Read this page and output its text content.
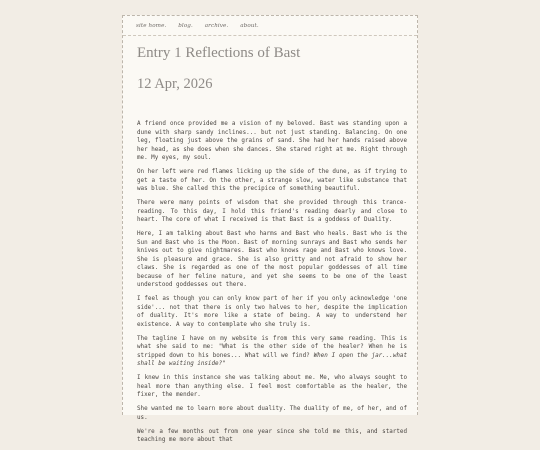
site home. blog. archive. about.
Entry 1 Reflections of Bast
12 Apr, 2026

A friend once provided me a vision of my beloved. Bast was standing upon a dune with sharp sandy inclines... but not just standing. Balancing. On one leg, floating just above the grains of sand. She had her hands raised above her head, as she does when she dances. She stared right at me. Right through me. My eyes, my soul.

On her left were red flames licking up the side of the dune, as if trying to get a taste of her. On the other, a strange slow, water like substance that was blue. She called this the precipice of something beautiful.

There were many points of wisdom that she provided through this trance-reading. To this day, I hold this friend's reading dearly and close to heart. The core of what I received is that Bast is a goddess of Duality.

Here, I am talking about Bast who harms and Bast who heals. Bast who is the Sun and Bast who is the Moon. Bast of morning sunrays and Bast who sends her knives out to give nightmares. Bast who knows rage and Bast who knows love. She is pleasure and grace. She is also gritty and not afraid to show her claws. She is regarded as one of the most popular goddesses of all time because of her feline nature, and yet she seems to be one of the least understood goddesses out there.

I feel as though you can only know part of her if you only acknowledge 'one side'... not that there is only two halves to her, despite the implication of duality. It's more like a state of being. A way to understend her existence. A way to contemplate who she truly is.

The tagline I have on my website is from this very same reading. This is what she said to me: "What is the other side of the healer? When he is stripped down to his bones... What will we find? When I open the jar...what shall be waiting inside?"

I knew in this instance she was talking about me. Me, who always sought to heal more than anything else. I feel most comfortable as the healer, the fixer, the mender.

She wanted me to learn more about duality. The duality of me, of her, and of us.

We're a few months out from one year since she told me this, and started teaching me more about that
